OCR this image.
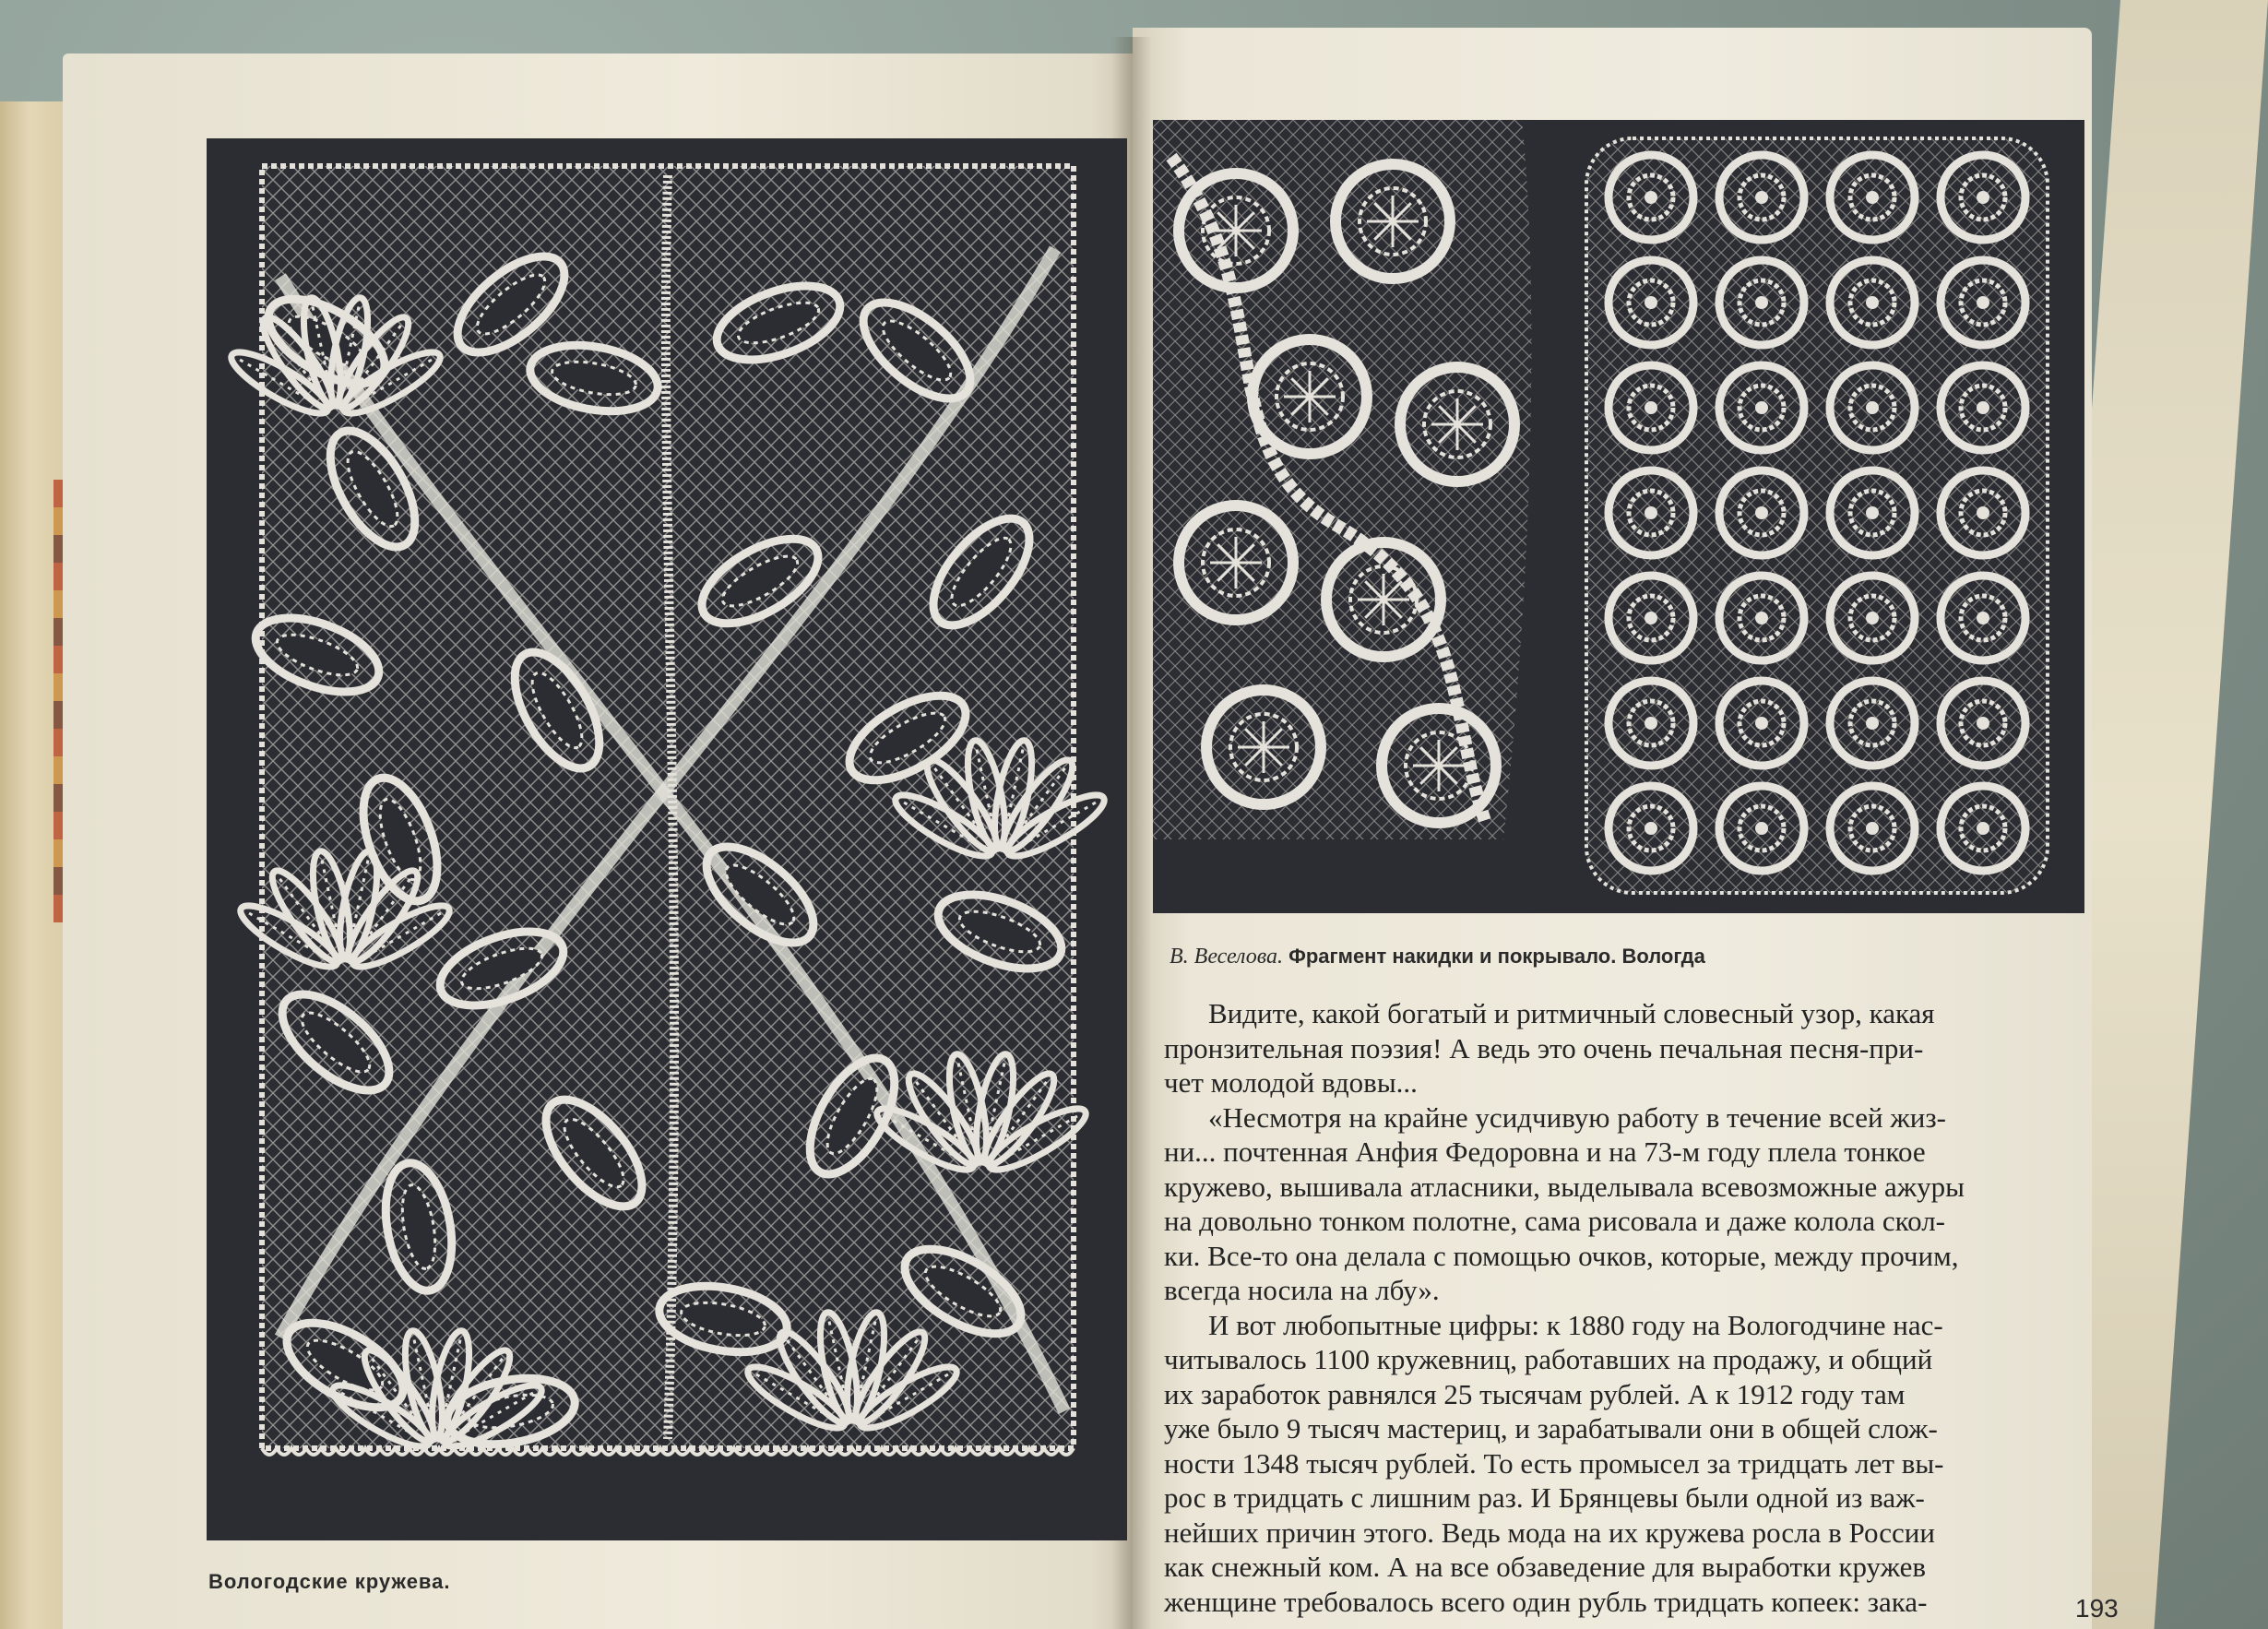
Вологодские кружева.
В. Веселова. Фрагмент накидки и покрывало. Вологда

Видите, какой богатый и ритмичный словесный узор, какая
пронзительная поэзия! А ведь это очень печальная песня-при-
чет молодой вдовы...

«Несмотря на крайне усидчивую работу в течение всей жиз-
ни... почтенная Анфия Федоровна и на 73-м году плела тонкое
кружево, вышивала атласники, выделывала всевозможные ажуры
на довольно тонком полотне, сама рисовала и даже колола скол-
ки. Все-то она делала с помощью очков, которые, между прочим,
всегда носила на лбу».

И вот любопытные цифры: к 1880 году на Вологодчине нас-
читывалось 1100 кружевниц, работавших на продажу, и общий
их заработок равнялся 25 тысячам рублей. А к 1912 году там
уже было 9 тысяч мастериц, и зарабатывали они в общей слож-
ности 1348 тысяч рублей. То есть промысел за тридцать лет вы-
рос в тридцать с лишним раз. И Брянцевы были одной из важ-
нейших причин этого. Ведь мода на их кружева росла в России
как снежный ком. А на все обзаведение для выработки кружев
женщине требовалось всего один рубль тридцать копеек: зака-	193
